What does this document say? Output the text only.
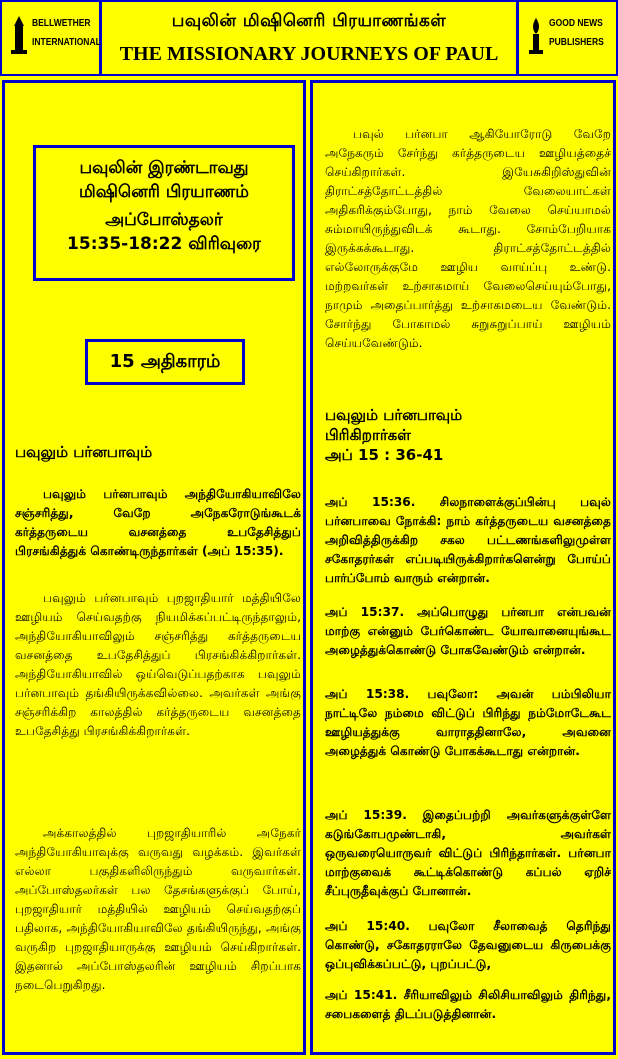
BELLWETHER
INTERNATIONAL
பவுலின் மிஷினெரி பிரயாணங்கள்
THE MISSIONARY JOURNEYS OF PAUL
GOOD NEWS
PUBLISHERS
பவுலின் இரண்டாவது
மிஷினெரி பிரயாணம்
அப்போஸ்தலர்
15:35-18:22 விரிவுரை
15 அதிகாரம்
பவுலும் பர்னபாவும்
பவுலும் பர்னபாவும் அந்தியோகியாவிலே சஞ்சரித்து, வேறே அநேகரோடுங்கூடக் கர்த்தருடைய வசனத்தை உபதேசித்துப் பிரசங்கித்துக் கொண்டிருந்தார்கள் (அப் 15:35).
பவுலும் பர்னபாவும் புறஜாதியார் மத்தியிலே ஊழியம் செய்வதற்கு நியமிக்கப்பட்டிருந்தாலும், அந்தியோகியாவிலும் சஞ்சரித்து கர்த்தருடைய வசனத்தை உபதேசித்துப் பிரசங்கிக்கிறார்கள். அந்தியோகியாவில் ஒய்வெடுப்பதற்காக பவுலும் பர்னபாவும் தங்கியிருக்கவில்லை. அவர்கள் அங்கு சஞ்சரிக்கிற காலத்தில் கர்த்தருடைய வசனத்தை உபதேசித்து பிரசங்கிக்கிறார்கள்.
அக்காலத்தில் புறஜாதியாரில் அநேகர் அந்தியோகியாவுக்கு வருவது வழக்கம். இவர்கள் எல்லா பகுதிகளிலிருந்தும் வருவார்கள். அப்போஸ்தலர்கள் பல தேசங்களுக்குப் போய், புறஜாதியார் மத்தியில் ஊழியம் செய்வதற்குப் பதிலாக, அந்தியோகியாவிலே தங்கியிருந்து, அங்கு வருகிற புறஜாதியாருக்கு ஊழியம் செய்கிறார்கள். இதனால் அப்போஸ்தலரின் ஊழியம் சிறப்பாக நடைபெறுகிறது.
பவுல் பர்னபா ஆகியோரோடு வேறே அநேகரும் சேர்ந்து கர்த்தருடைய ஊழியத்தைச் செய்கிறார்கள். இயேசுகிறிஸ்துவின் திராட்சத்தோட்டத்தில் வேலையாட்கள் அதிகரிக்கும்போது, நாம் வேலை செய்யாமல் சும்மாயிருந்துவிடக் கூடாது. சோம்பேறியாக இருக்கக்கூடாது. திராட்சத்தோட்டத்தில் எல்லோருக்குமே ஊழிய வாய்ப்பு உண்டு. மற்றவர்கள் உற்சாகமாய் வேலைசெய்யும்போது, நாமும் அதைப்பார்த்து உற்சாகமடைய வேண்டும். சோர்ந்து போகாமல் சுறுசுறுப்பாய் ஊழியம் செய்யவேண்டும்.
பவுலும் பர்னபாவும்
பிரிகிறார்கள்
அப் 15 : 36-41
அப் 15:36. சிலநாளைக்குப்பின்பு பவுல் பர்னபாவை நோக்கி: நாம் கர்த்தருடைய வசனத்தை அறிவித்திருக்கிற சகல பட்டணங்களிலுமுள்ள சகோதரர்கள் எப்படியிருக்கிறார்களென்று போய்ப் பார்ப்போம் வாரும் என்றான்.
அப் 15:37. அப்பொழுது பர்னபா என்பவன் மாற்கு என்னும் பேர்கொண்ட யோவானையுங்கூட அழைத்துக்கொண்டு போகவேண்டும் என்றான்.
அப் 15:38. பவுலோ: அவன் பம்பிலியா நாட்டிலே நம்மை விட்டுப் பிரிந்து நம்மோடேகூட ஊழியத்துக்கு வாராததினாலே, அவனை அழைத்துக் கொண்டு போகக்கூடாது என்றான்.
அப் 15:39. இதைப்பற்றி அவர்களுக்குள்ளே கடுங்கோபமுண்டாகி, அவர்கள் ஒருவரையொருவர் விட்டுப் பிரிந்தார்கள். பர்னபா மாற்குவைக் கூட்டிக்கொண்டு கப்பல் ஏறிச் சீப்புருதீவுக்குப் போனான்.
அப் 15:40. பவுலோ சீலாவைத் தெரிந்து கொண்டு, சகோதரராலே தேவனுடைய கிருபைக்கு ஒப்புவிக்கப்பட்டு, புறப்பட்டு,
அப் 15:41. சீரியாவிலும் சிலிசியாவிலும் திரிந்து, சபைகளைத் திடப்படுத்தினான்.
